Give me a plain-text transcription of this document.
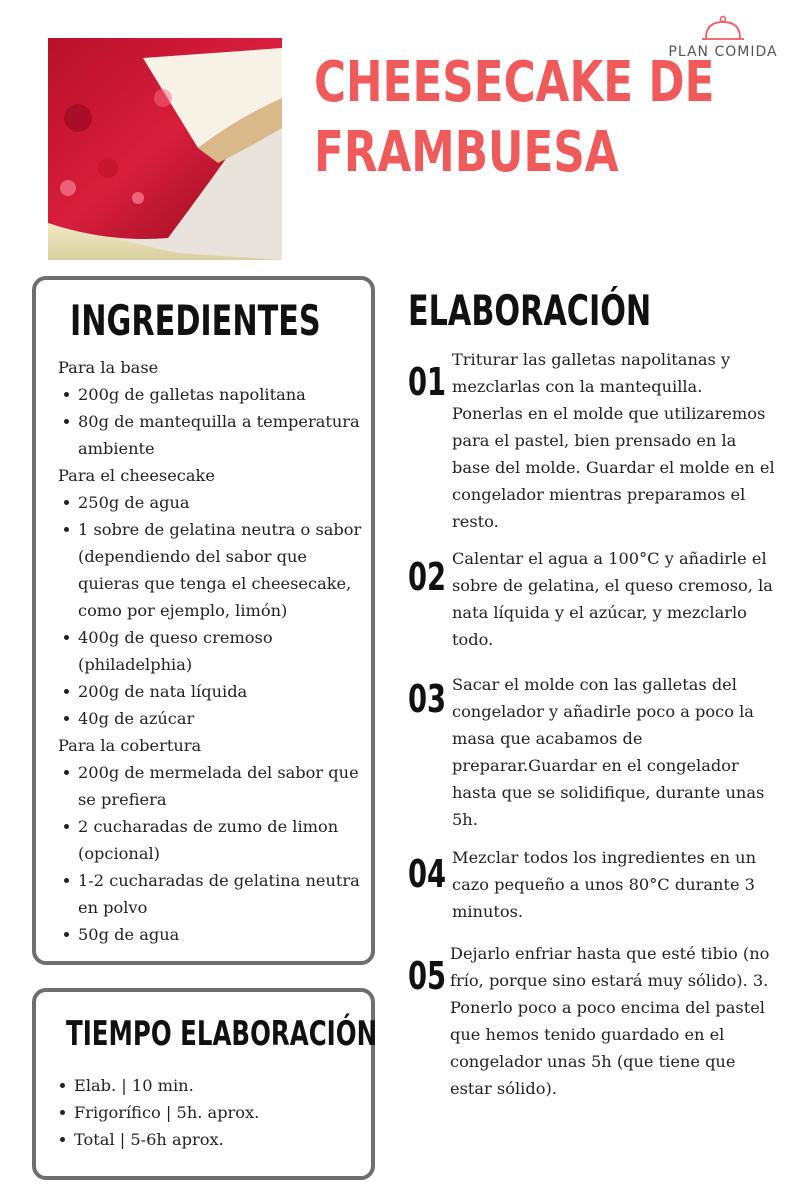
CHEESECAKE DE
FRAMBUESA
PLAN COMIDA
INGREDIENTES

Para la base

200g de galletas napolitana
80g de mantequilla a temperatura ambiente

Para el cheesecake

250g de agua
1 sobre de gelatina neutra o sabor (dependiendo del sabor que quieras que tenga el cheesecake, como por ejemplo, limón)
400g de queso cremoso (philadelphia)
200g de nata líquida
40g de azúcar

Para la cobertura

200g de mermelada del sabor que se prefiera
2 cucharadas de zumo de limon (opcional)
1-2 cucharadas de gelatina neutra en polvo
50g de agua
TIEMPO ELABORACIÓN
Elab. | 10 min.
Frigorífico | 5h. aprox.
Total | 5-6h aprox.
ELABORACIÓN
01
Triturar las galletas napolitanas y mezclarlas con la mantequilla. Ponerlas en el molde que utilizaremos para el pastel, bien prensado en la base del molde. Guardar el molde en el congelador mientras preparamos el resto.
02 Calentar el agua a 100°C y añadirle el sobre de gelatina, el queso cremoso, la nata líquida y el azúcar, y mezclarlo todo.
03 Sacar el molde con las galletas del congelador y añadirle poco a poco la masa que acabamos de preparar.Guardar en el congelador hasta que se solidifique, durante unas 5h.
04 Mezclar todos los ingredientes en un cazo pequeño a unos 80°C durante 3 minutos.
05
Dejarlo enfriar hasta que esté tibio (no frío, porque sino estará muy sólido). 3. Ponerlo poco a poco encima del pastel que hemos tenido guardado en el congelador unas 5h (que tiene que estar sólido).
